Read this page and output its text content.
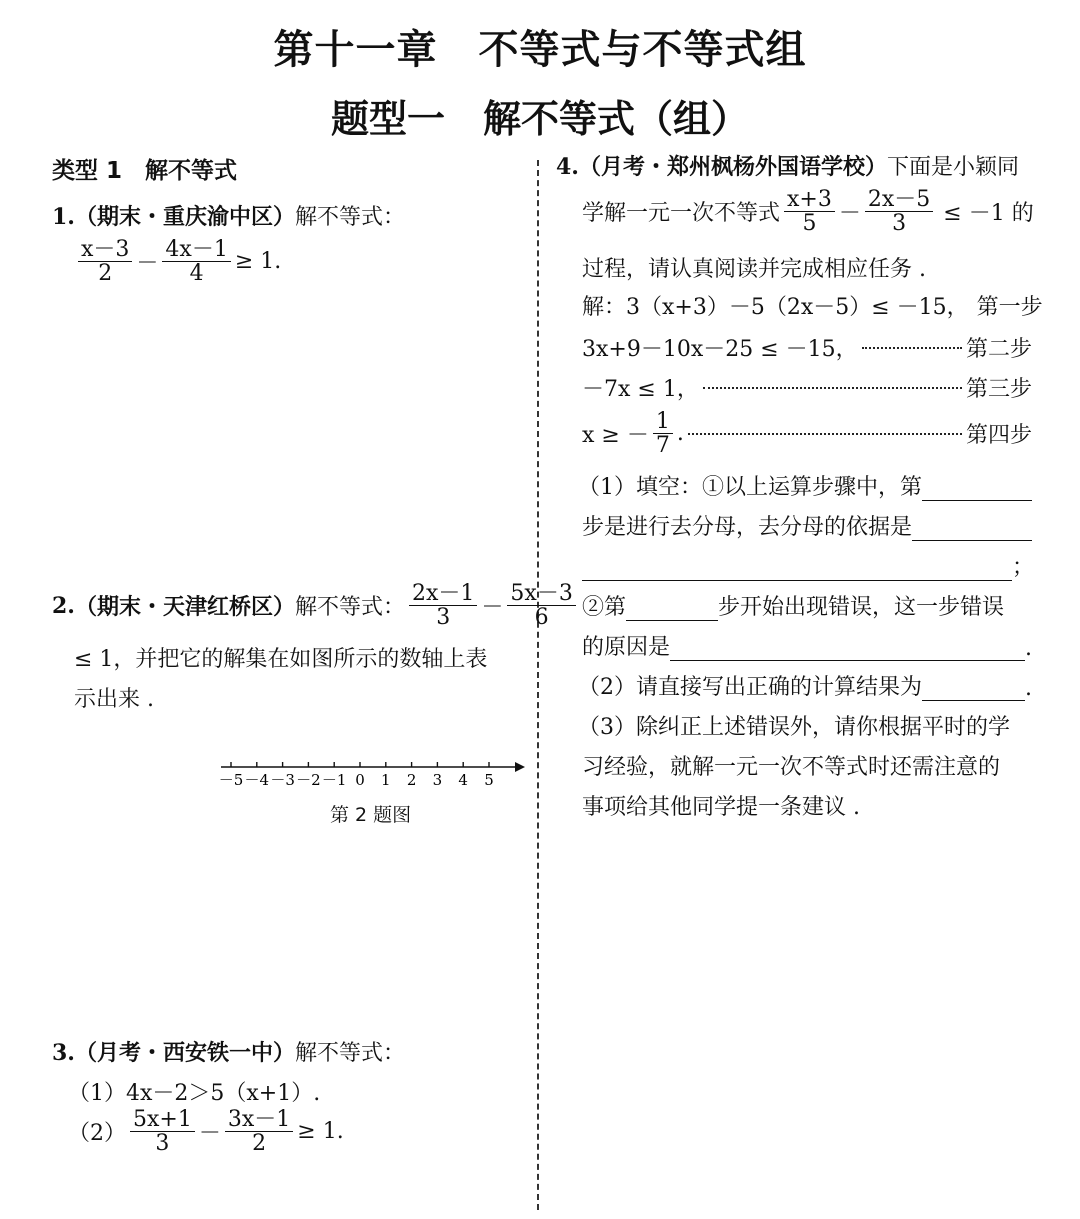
第十一章　不等式与不等式组
题型一　解不等式（组）
类型 1　解不等式
1.（期末・重庆渝中区）解不等式：
$\frac{x-3}{2} - \frac{4x-1}{4} \ge 1$.
2. （期末・天津红桥区） 解不等式： $\frac{2x-1}{3} - \frac{5x-3}{6}$
≤ 1，并把它的解集在如图所示的数轴上表
示出来 .
－5 －4 －3 －2 －1 0 1 2 3 4 5
第 2 题图
3.（月考・西安铁一中）解不等式：
（1）4x－2＞5（x+1）.
$(2) \frac{5x+1}{3} - \frac{3x-1}{2} \ge 1$.
4.（月考・郑州枫杨外国语学校）下面是小颖同
学解一元一次不等式 $\frac{x+3}{5} - \frac{2x-5}{3} \le -1$ 的
过程，请认真阅读并完成相应任务 .
解：3（x+3）－5（2x－5）≤ －15， 第一步
3x+9－10x－25 ≤ －15，	第二步
－7x ≤ 1，	第三步
x ≥ － $\frac{1}{7}$ .	第四步
（1）填空：①以上运算步骤中，第
步是进行去分母，去分母的依据是
；
②第	步开始出现错误，这一步错误
的原因是	.
（2）请直接写出正确的计算结果为	.
（3）除纠正上述错误外，请你根据平时的学
习经验，就解一元一次不等式时还需注意的
事项给其他同学提一条建议 .
